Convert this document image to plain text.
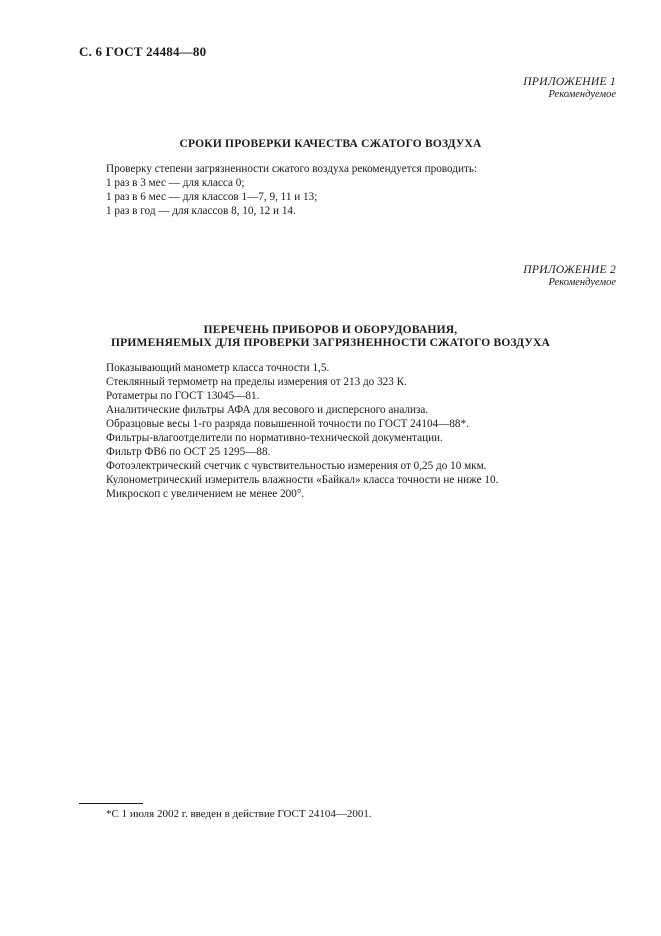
С. 6 ГОСТ 24484—80
ПРИЛОЖЕНИЕ 1
Рекомендуемое
СРОКИ ПРОВЕРКИ КАЧЕСТВА СЖАТОГО ВОЗДУХА
Проверку степени загрязненности сжатого воздуха рекомендуется проводить:
1 раз в 3 мес — для класса 0;
1 раз в 6 мес — для классов 1—7, 9, 11 и 13;
1 раз в год — для классов 8, 10, 12 и 14.
ПРИЛОЖЕНИЕ 2
Рекомендуемое
ПЕРЕЧЕНЬ ПРИБОРОВ И ОБОРУДОВАНИЯ,
ПРИМЕНЯЕМЫХ ДЛЯ ПРОВЕРКИ ЗАГРЯЗНЕННОСТИ СЖАТОГО ВОЗДУХА
Показывающий манометр класса точности 1,5.
Стеклянный термометр на пределы измерения от 213 до 323 К.
Ротаметры по ГОСТ 13045—81.
Аналитические фильтры АФА для весового и дисперсного анализа.
Образцовые весы 1-го разряда повышенной точности по ГОСТ 24104—88*.
Фильтры-влагоотделители по нормативно-технической документации.
Фильтр ФВ6 по ОСТ 25 1295—88.
Фотоэлектрический счетчик с чувствительностью измерения от 0,25 до 10 мкм.
Кулонометрический измеритель влажности «Байкал» класса точности не ниже 10.
Микроскоп с увеличением не менее 200°.
*С 1 июля 2002 г. введен в действие ГОСТ 24104—2001.
